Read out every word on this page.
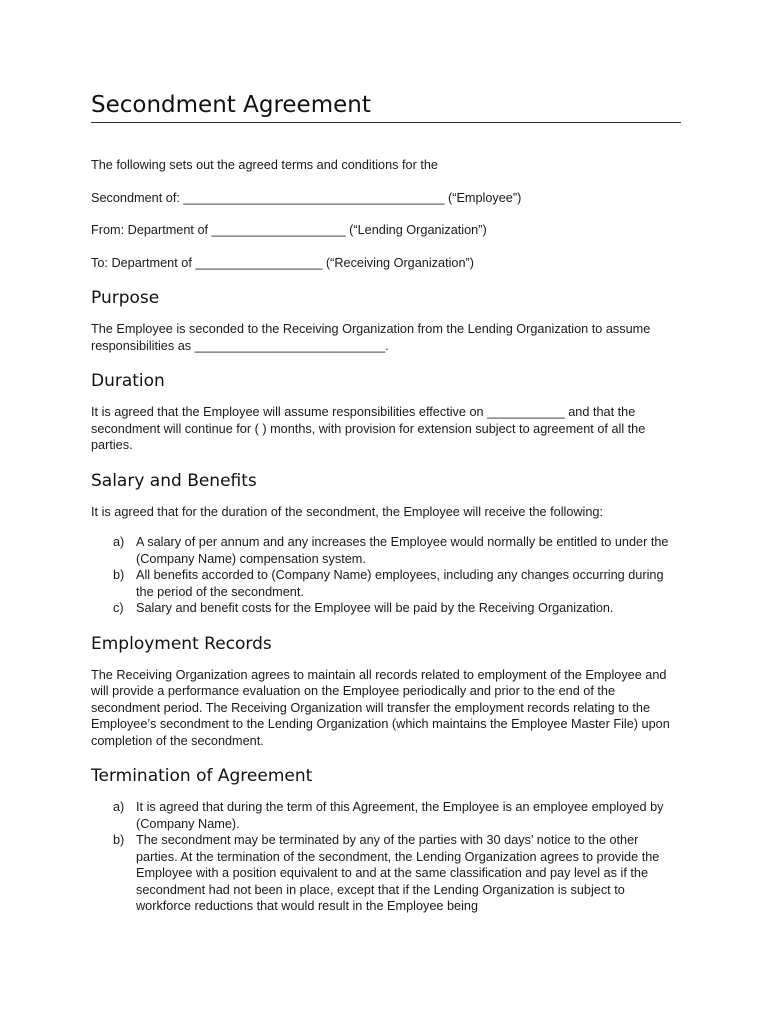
Secondment Agreement

The following sets out the agreed terms and conditions for the

Secondment of: _____________________________________ (“Employee”)

From: Department of ___________________ (“Lending Organization”)

To: Department of __________________ (“Receiving Organization”)

Purpose

The Employee is seconded to the Receiving Organization from the Lending Organization to assume responsibilities as ___________________________.

Duration

It is agreed that the Employee will assume responsibilities effective on ___________ and that the secondment will continue for ( ) months, with provision for extension subject to agreement of all the parties.

Salary and Benefits

It is agreed that for the duration of the secondment, the Employee will receive the following:

a) A salary of per annum and any increases the Employee would normally be entitled to under the (Company Name) compensation system.
b) All benefits accorded to (Company Name) employees, including any changes occurring during the period of the secondment.
c) Salary and benefit costs for the Employee will be paid by the Receiving Organization.
Employment Records

The Receiving Organization agrees to maintain all records related to employment of the Employee and will provide a performance evaluation on the Employee periodically and prior to the end of the secondment period. The Receiving Organization will transfer the employment records relating to the Employee’s secondment to the Lending Organization (which maintains the Employee Master File) upon completion of the secondment.

Termination of Agreement
a) It is agreed that during the term of this Agreement, the Employee is an employee employed by (Company Name).
b) The secondment may be terminated by any of the parties with 30 days’ notice to the other parties. At the termination of the secondment, the Lending Organization agrees to provide the Employee with a position equivalent to and at the same classification and pay level as if the secondment had not been in place, except that if the Lending Organization is subject to workforce reductions that would result in the Employee being
